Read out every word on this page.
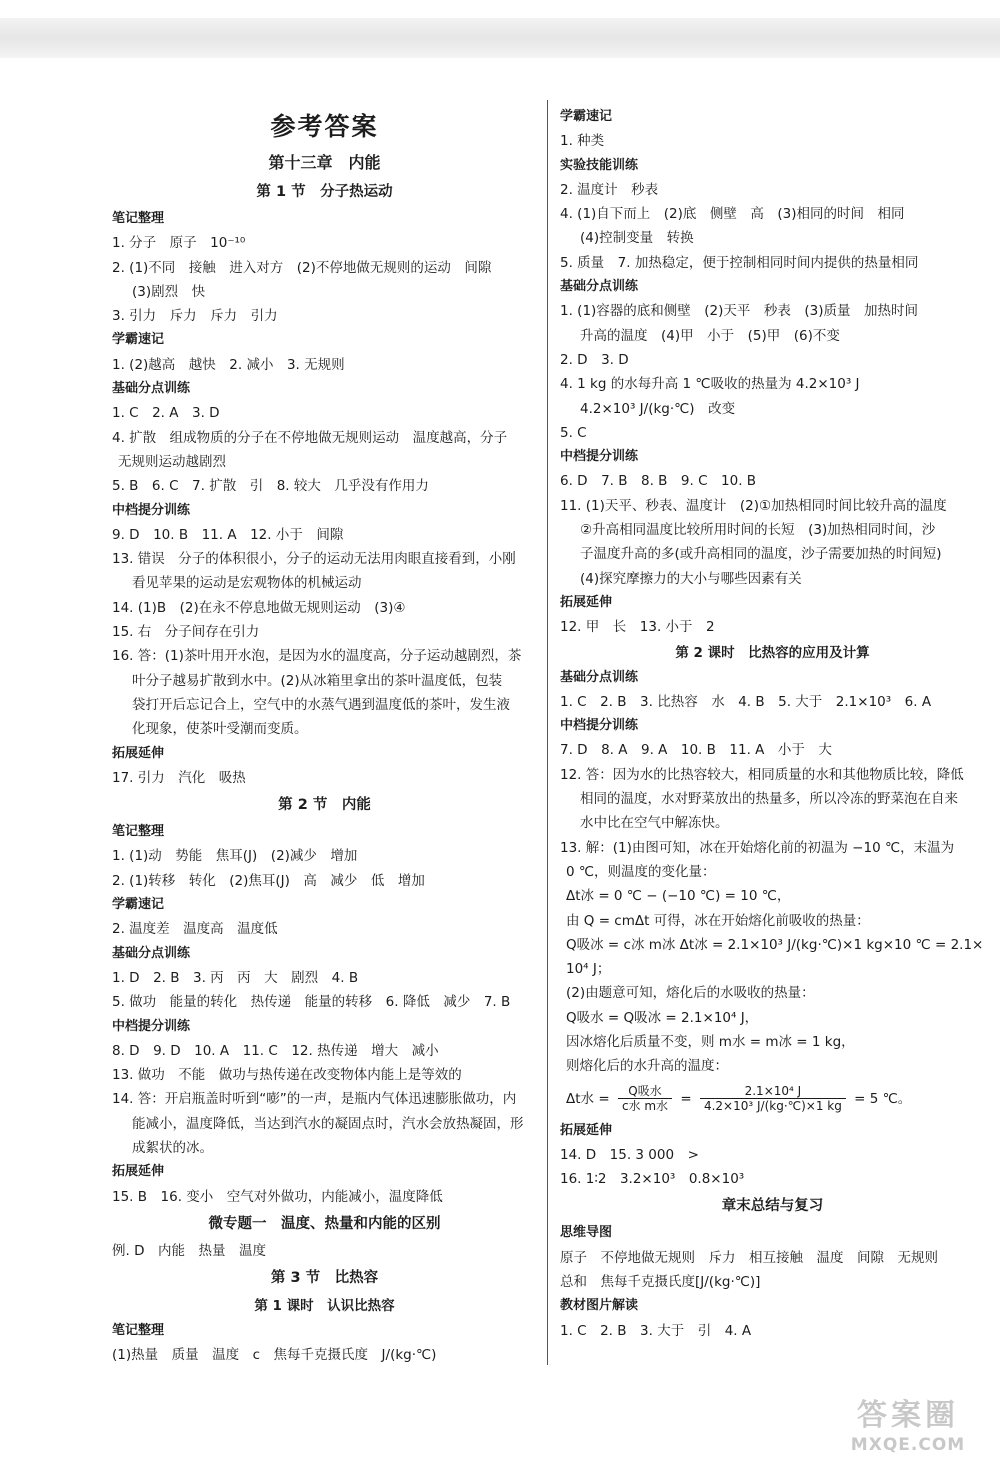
参考答案
第十三章　内能
第 1 节　分子热运动
笔记整理
1. 分子　原子　10⁻¹⁰
2. (1)不同　接触　进入对方　(2)不停地做无规则的运动　间隙
(3)剧烈　快
3. 引力　斥力　斥力　引力
学霸速记
1. (2)越高　越快　2. 减小　3. 无规则
基础分点训练
1. C　2. A　3. D
4. 扩散　组成物质的分子在不停地做无规则运动　温度越高，分子
无规则运动越剧烈
5. B　6. C　7. 扩散　引　8. 较大　几乎没有作用力
中档提分训练
9. D　10. B　11. A　12. 小于　间隙
13. 错误　分子的体积很小，分子的运动无法用肉眼直接看到，小刚
看见苹果的运动是宏观物体的机械运动
14. (1)B　(2)在永不停息地做无规则运动　(3)④
15. 右　分子间存在引力
16. 答：(1)茶叶用开水泡，是因为水的温度高，分子运动越剧烈，茶
叶分子越易扩散到水中。(2)从冰箱里拿出的茶叶温度低，包装
袋打开后忘记合上，空气中的水蒸气遇到温度低的茶叶，发生液
化现象，使茶叶受潮而变质。
拓展延伸
17. 引力　汽化　吸热
第 2 节　内能
笔记整理
1. (1)动　势能　焦耳(J)　(2)减少　增加
2. (1)转移　转化　(2)焦耳(J)　高　减少　低　增加
学霸速记
2. 温度差　温度高　温度低
基础分点训练
1. D　2. B　3. 丙　丙　大　剧烈　4. B
5. 做功　能量的转化　热传递　能量的转移　6. 降低　减少　7. B
中档提分训练
8. D　9. D　10. A　11. C　12. 热传递　增大　减小
13. 做功　不能　做功与热传递在改变物体内能上是等效的
14. 答：开启瓶盖时听到“嘭”的一声，是瓶内气体迅速膨胀做功，内
能减小，温度降低，当达到汽水的凝固点时，汽水会放热凝固，形
成絮状的冰。
拓展延伸
15. B　16. 变小　空气对外做功，内能减小，温度降低
微专题一　温度、热量和内能的区别
例. D　内能　热量　温度
第 3 节　比热容
第 1 课时　认识比热容
笔记整理
(1)热量　质量　温度　c　焦每千克摄氏度　J/(kg·℃)
学霸速记
1. 种类
实验技能训练
2. 温度计　秒表
4. (1)自下而上　(2)底　侧壁　高　(3)相同的时间　相同
(4)控制变量　转换
5. 质量　7. 加热稳定，便于控制相同时间内提供的热量相同
基础分点训练
1. (1)容器的底和侧壁　(2)天平　秒表　(3)质量　加热时间
升高的温度　(4)甲　小于　(5)甲　(6)不变
2. D　3. D
4. 1 kg 的水每升高 1 ℃吸收的热量为 4.2×10³ J
4.2×10³ J/(kg·℃)　改变
5. C
中档提分训练
6. D　7. B　8. B　9. C　10. B
11. (1)天平、秒表、温度计　(2)①加热相同时间比较升高的温度
②升高相同温度比较所用时间的长短　(3)加热相同时间，沙
子温度升高的多(或升高相同的温度，沙子需要加热的时间短)
(4)探究摩擦力的大小与哪些因素有关
拓展延伸
12. 甲　长　13. 小于　2
第 2 课时　比热容的应用及计算
基础分点训练
1. C　2. B　3. 比热容　水　4. B　5. 大于　2.1×10³　6. A
中档提分训练
7. D　8. A　9. A　10. B　11. A　小于　大
12. 答：因为水的比热容较大，相同质量的水和其他物质比较，降低
相同的温度，水对野菜放出的热量多，所以冷冻的野菜泡在自来
水中比在空气中解冻快。
13. 解：(1)由图可知，冰在开始熔化前的初温为 −10 ℃，末温为
0 ℃，则温度的变化量：
Δt冰 = 0 ℃ − (−10 ℃) = 10 ℃，
由 Q = cmΔt 可得，冰在开始熔化前吸收的热量：
Q吸冰 = c冰 m冰 Δt冰 = 2.1×10³ J/(kg·℃)×1 kg×10 ℃ = 2.1×
10⁴ J；
(2)由题意可知，熔化后的水吸收的热量：
Q吸水 = Q吸冰 = 2.1×10⁴ J，
因冰熔化后质量不变，则 m水 = m冰 = 1 kg，
则熔化后的水升高的温度：
Δt水 = $\frac{\text{Q吸水}}{\text{c水 m水}} = \frac{\text{2.1×10⁴ J}}{\text{4.2×10³ J/(kg·℃)×1 kg}} = 5$ ℃。
拓展延伸
14. D　15. 3 000　>
16. 1∶2　3.2×10³　0.8×10³
章末总结与复习
思维导图
原子　不停地做无规则　斥力　相互接触　温度　间隙　无规则
总和　焦每千克摄氏度[J/(kg·℃)]
教材图片解读
1. C　2. B　3. 大于　引　4. A
答案圈
MXQE.COM
